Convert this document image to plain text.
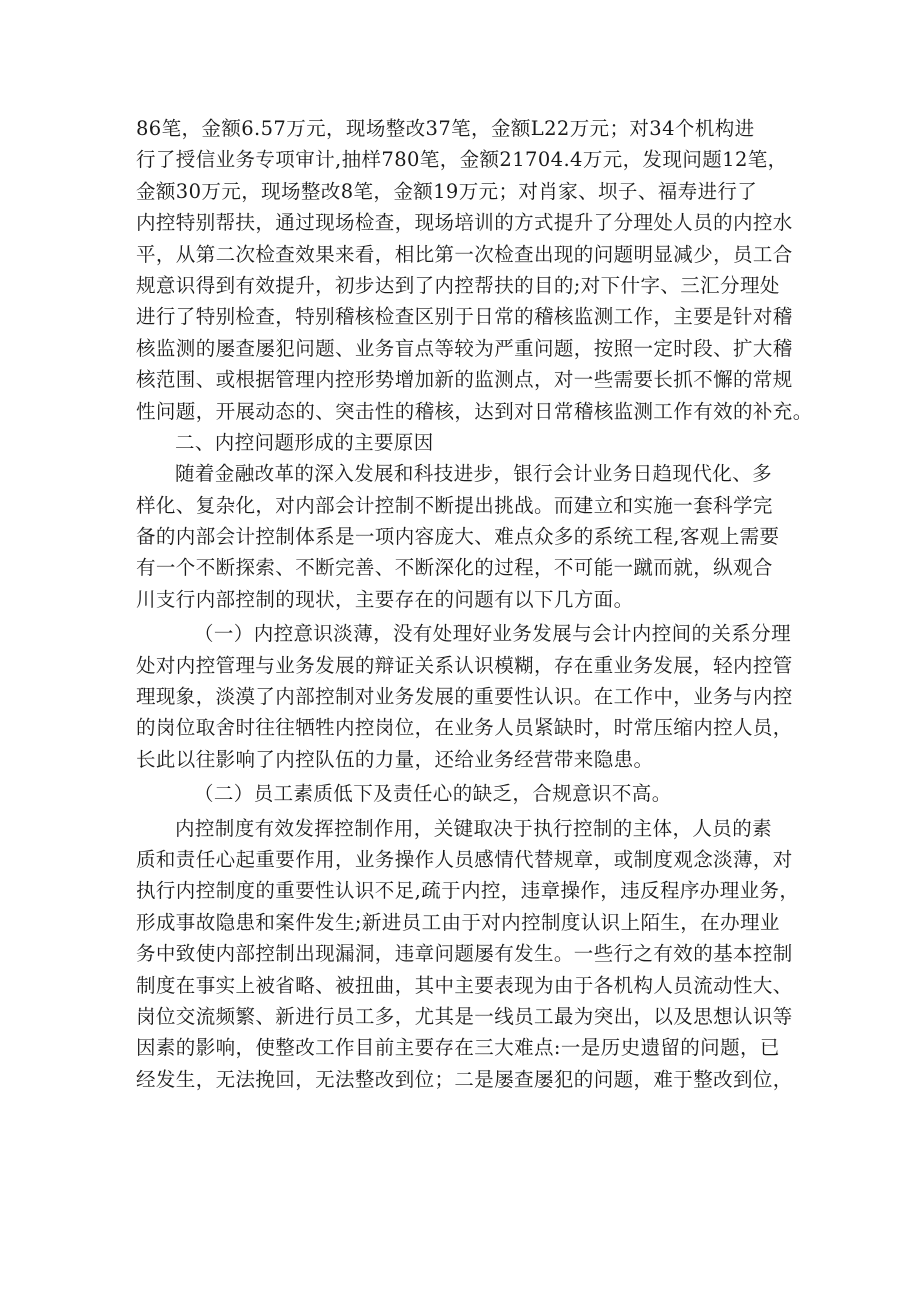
86笔，金额6.57万元，现场整改37笔，金额L22万元；对34个机构进
行了授信业务专项审计,抽样780笔，金额21704.4万元，发现问题12笔，
金额30万元，现场整改8笔，金额19万元；对肖家、坝子、福寿进行了
内控特别帮扶，通过现场检查，现场培训的方式提升了分理处人员的内控水
平，从第二次检查效果来看，相比第一次检查出现的问题明显减少，员工合
规意识得到有效提升，初步达到了内控帮扶的目的;对下什字、三汇分理处
进行了特别检查，特别稽核检查区别于日常的稽核监测工作，主要是针对稽
核监测的屡查屡犯问题、业务盲点等较为严重问题，按照一定时段、扩大稽
核范围、或根据管理内控形势增加新的监测点，对一些需要长抓不懈的常规
性问题，开展动态的、突击性的稽核，达到对日常稽核监测工作有效的补充。
二、内控问题形成的主要原因
随着金融改革的深入发展和科技进步，银行会计业务日趋现代化、多
样化、复杂化，对内部会计控制不断提出挑战。而建立和实施一套科学完
备的内部会计控制体系是一项内容庞大、难点众多的系统工程,客观上需要
有一个不断探索、不断完善、不断深化的过程，不可能一蹴而就，纵观合
川支行内部控制的现状，主要存在的问题有以下几方面。
（一）内控意识淡薄，没有处理好业务发展与会计内控间的关系分理
处对内控管理与业务发展的辩证关系认识模糊，存在重业务发展，轻内控管
理现象，淡漠了内部控制对业务发展的重要性认识。在工作中，业务与内控
的岗位取舍时往往牺牲内控岗位，在业务人员紧缺时，时常压缩内控人员，
长此以往影响了内控队伍的力量，还给业务经营带来隐患。
（二）员工素质低下及责任心的缺乏，合规意识不高。
内控制度有效发挥控制作用，关键取决于执行控制的主体，人员的素
质和责任心起重要作用，业务操作人员感情代替规章，或制度观念淡薄，对
执行内控制度的重要性认识不足,疏于内控，违章操作，违反程序办理业务，
形成事故隐患和案件发生;新进员工由于对内控制度认识上陌生，在办理业
务中致使内部控制出现漏洞，违章问题屡有发生。一些行之有效的基本控制
制度在事实上被省略、被扭曲，其中主要表现为由于各机构人员流动性大、
岗位交流频繁、新进行员工多，尤其是一线员工最为突出，以及思想认识等
因素的影响，使整改工作目前主要存在三大难点:一是历史遗留的问题，已
经发生，无法挽回，无法整改到位；二是屡查屡犯的问题，难于整改到位，
